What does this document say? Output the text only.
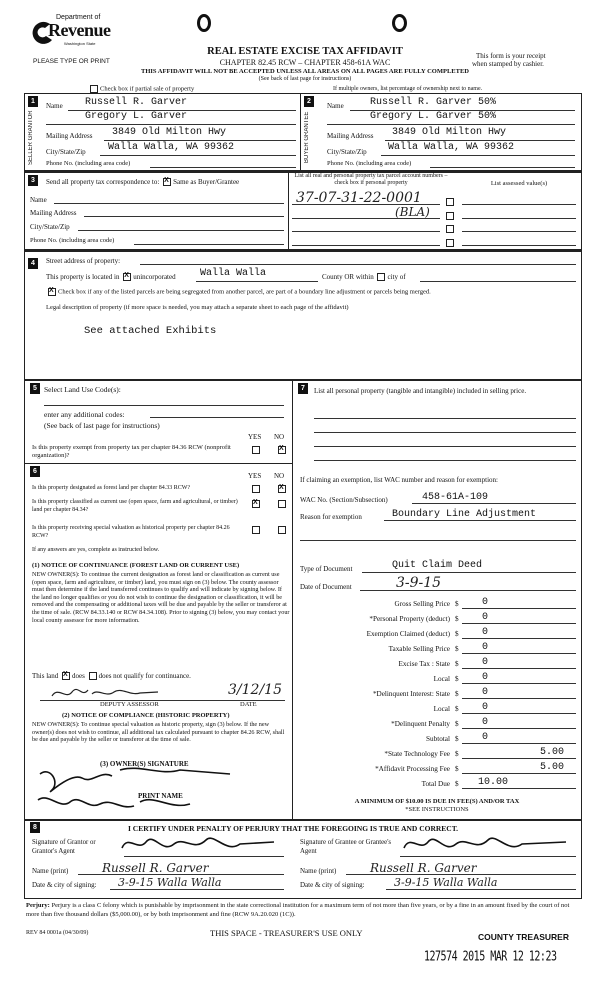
Department of
Revenue
Washington State
PLEASE TYPE OR PRINT
REAL ESTATE EXCISE TAX AFFIDAVIT
CHAPTER 82.45 RCW – CHAPTER 458-61A WAC
THIS AFFIDAVIT WILL NOT BE ACCEPTED UNLESS ALL AREAS ON ALL PAGES ARE FULLY COMPLETED
(See back of last page for instructions)
This form is your receipt
when stamped by cashier.
Check box if partial sale of property	If multiple owners, list percentage of ownership next to name.
1
SELLER GRANTOR
Name Russell R. Garver
Gregory L. Garver
Mailing Address 3849 Old Milton Hwy
City/State/Zip Walla Walla, WA 99362
Phone No. (including area code)
2
BUYER GRANTEE
Name	Russell R. Garver 50%
Gregory L. Garver 50%
Mailing Address 3849 Old Milton Hwy
City/State/Zip Walla Walla, WA 99362
Phone No. (including area code)
3	Send all property tax correspondence to: X Same as Buyer/Grantee
Name
Mailing Address
City/State/Zip
Phone No. (including area code)
List all real and personal property tax parcel account numbers – check box if personal property	List assessed value(s)
37-07-31-22-0001
(BLA)
4	Street address of property:
This property is located in X unincorporated Walla Walla	County OR within city of
XCheck box if any of the listed parcels are being segregated from another parcel, are part of a boundary line adjustment or parcels being merged.
Legal description of property (if more space is needed, you may attach a separate sheet to each page of the affidavit)
See attached Exhibits
5 Select Land Use Code(s):
enter any additional codes:
(See back of last page for instructions)
YES NO
Is this property exempt from property tax per chapter 84.36 RCW (nonprofit organization)?
X
6
YES NO
Is this property designated as forest land per chapter 84.33 RCW?
X
Is this property classified as current use (open space, farm and agricultural, or timber) land per chapter 84.34?
X
Is this property receiving special valuation as historical property per chapter 84.26 RCW?
If any answers are yes, complete as instructed below.
(1) NOTICE OF CONTINUANCE (FOREST LAND OR CURRENT USE)
NEW OWNER(S): To continue the current designation as forest land or classification as current use (open space, farm and agriculture, or timber) land, you must sign on (3) below. The county assessor must then determine if the land transferred continues to qualify and will indicate by signing below. If the land no longer qualifies or you do not wish to continue the designation or classification, it will be removed and the compensating or additional taxes will be due and payable by the seller or transferor at the time of sale. (RCW 84.33.140 or RCW 84.34.108). Prior to signing (3) below, you may contact your local county assessor for more information.
This land X does does not qualify for continuance.
3/12/15
DEPUTY ASSESSOR	DATE
(2) NOTICE OF COMPLIANCE (HISTORIC PROPERTY)
NEW OWNER(S): To continue special valuation as historic property, sign (3) below. If the new owner(s) does not wish to continue, all additional tax calculated pursuant to chapter 84.26 RCW, shall be due and payable by the seller or transferor at the time of sale.
(3) OWNER(S) SIGNATURE
PRINT NAME
7	List all personal property (tangible and intangible) included in selling price.
If claiming an exemption, list WAC number and reason for exemption:
WAC No. (Section/Subsection)	458-61A-109
Reason for exemption	Boundary Line Adjustment
Type of Document	Quit Claim Deed
Date of Document	3-9-15
Gross Selling Price $ 0
*Personal Property (deduct) $ 0
Exemption Claimed (deduct) $ 0
Taxable Selling Price $ 0
Excise Tax : State $ 0
Local $ 0
*Delinquent Interest: State $ 0
Local $ 0
*Delinquent Penalty $ 0
Subtotal $ 0
*State Technology Fee $	5.00
*Affidavit Processing Fee $	5.00
Total Due $ 10.00
A MINIMUM OF $10.00 IS DUE IN FEE(S) AND/OR TAX
*SEE INSTRUCTIONS
8	I CERTIFY UNDER PENALTY OF PERJURY THAT THE FOREGOING IS TRUE AND CORRECT.
Signature of Grantor or Grantor's Agent
Name (print)	Russell R. Garver
Date & city of signing: 3-9-15 Walla Walla
Signature of Grantee or Grantee's Agent
Name (print)	Russell R. Garver
Date & city of signing:	3-9-15 Walla Walla
Perjury: Perjury is a class C felony which is punishable by imprisonment in the state correctional institution for a maximum term of not more than five years, or by a fine in an amount fixed by the court of not more than five thousand dollars ($5,000.00), or by both imprisonment and fine (RCW 9A.20.020 (1C)).
REV 84 0001a (04/30/09)	THIS SPACE - TREASURER'S USE ONLY	COUNTY TREASURER
127574 2015 MAR 12 12:23
